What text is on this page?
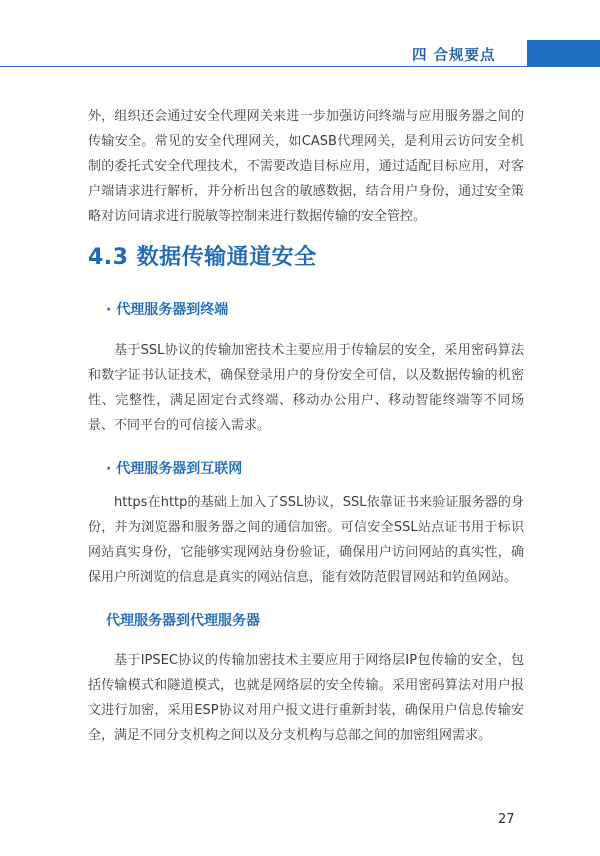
四 合规要点

外，组织还会通过安全代理网关来进一步加强访问终端与应用服务器之间的传输安全。常见的安全代理网关，如CASB代理网关，是利用云访问安全机制的委托式安全代理技术，不需要改造目标应用，通过适配目标应用，对客户端请求进行解析，并分析出包含的敏感数据，结合用户身份，通过安全策略对访问请求进行脱敏等控制来进行数据传输的安全管控。

4.3 数据传输通道安全
· 代理服务器到终端

基于SSL协议的传输加密技术主要应用于传输层的安全，采用密码算法和数字证书认证技术，确保登录用户的身份安全可信，以及数据传输的机密性、完整性，满足固定台式终端、移动办公用户、移动智能终端等不同场景、不同平台的可信接入需求。

· 代理服务器到互联网

https在http的基础上加入了SSL协议，SSL依靠证书来验证服务器的身份，并为浏览器和服务器之间的通信加密。可信安全SSL站点证书用于标识网站真实身份，它能够实现网站身份验证，确保用户访问网站的真实性，确保用户所浏览的信息是真实的网站信息，能有效防范假冒网站和钓鱼网站。

代理服务器到代理服务器

基于IPSEC协议的传输加密技术主要应用于网络层IP包传输的安全，包括传输模式和隧道模式，也就是网络层的安全传输。采用密码算法对用户报文进行加密，采用ESP协议对用户报文进行重新封装，确保用户信息传输安全，满足不同分支机构之间以及分支机构与总部之间的加密组网需求。

27
